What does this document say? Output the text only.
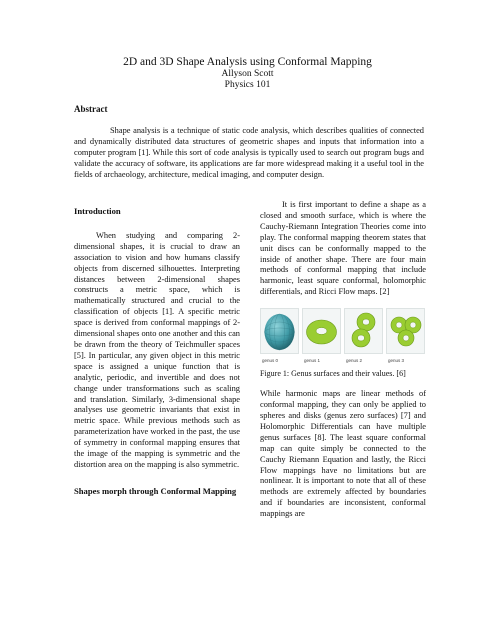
2D and 3D Shape Analysis using Conformal Mapping
Allyson Scott
Physics 101
Abstract

Shape analysis is a technique of static code analysis, which describes qualities of connected and dynamically distributed data structures of geometric shapes and inputs that information into a computer program [1]. While this sort of code analysis is typically used to search out program bugs and validate the accuracy of software, its applications are far more widespread making it a useful tool in the fields of archaeology, architecture, medical imaging, and computer design.

Introduction

When studying and comparing 2-dimensional shapes, it is crucial to draw an association to vision and how humans classify objects from discerned silhouettes. Interpreting distances between 2-dimensional shapes constructs a metric space, which is mathematically structured and crucial to the classification of objects [1]. A specific metric space is derived from conformal mappings of 2-dimensional shapes onto one another and this can be drawn from the theory of Teichmuller spaces [5]. In particular, any given object in this metric space is assigned a unique function that is analytic, periodic, and invertible and does not change under transformations such as scaling and translation. Similarly, 3-dimensional shape analyses use geometric invariants that exist in metric space. While previous methods such as parameterization have worked in the past, the use of symmetry in conformal mapping ensures that the image of the mapping is symmetric and the distortion area on the mapping is also symmetric.

Shapes morph through Conformal Mapping

It is first important to define a shape as a closed and smooth surface, which is where the Cauchy-Riemann Integration Theories come into play. The conformal mapping theorem states that unit discs can be conformally mapped to the inside of another shape. There are four main methods of conformal mapping that include harmonic, least square conformal, holomorphic differentials, and Ricci Flow maps. [2]

genus 0	genus 1	genus 2	genus 3

Figure 1: Genus surfaces and their values. [6]

While harmonic maps are linear methods of conformal mapping, they can only be applied to spheres and disks (genus zero surfaces) [7] and Holomorphic Differentials can have multiple genus surfaces [8]. The least square conformal map can quite simply be connected to the Cauchy Riemann Equation and lastly, the Ricci Flow mappings have no limitations but are nonlinear. It is important to note that all of these methods are extremely affected by boundaries and if boundaries are inconsistent, conformal mappings are
